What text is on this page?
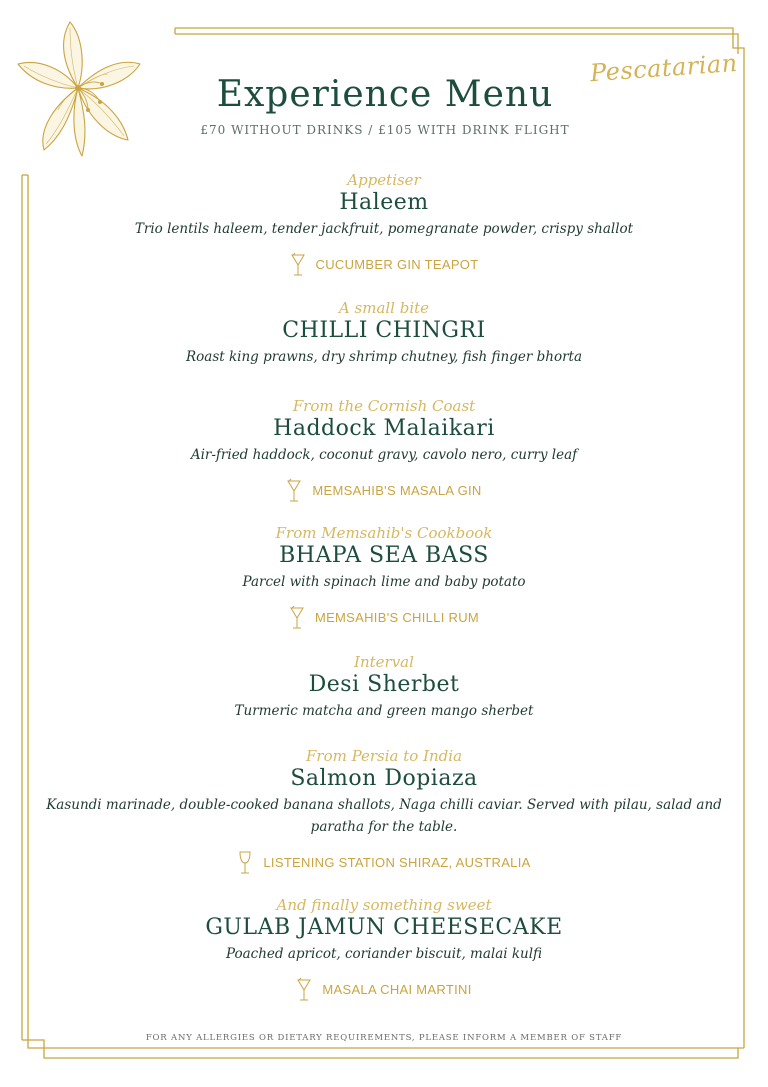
Pescatarian
Experience Menu
£70 WITHOUT DRINKS / £105 WITH DRINK FLIGHT
Appetiser
Haleem
Trio lentils haleem, tender jackfruit, pomegranate powder, crispy shallot
CUCUMBER GIN TEAPOT
A small bite
CHILLI CHINGRI
Roast king prawns, dry shrimp chutney, fish finger bhorta
From the Cornish Coast
Haddock Malaikari
Air-fried haddock, coconut gravy, cavolo nero, curry leaf
MEMSAHIB'S MASALA GIN
From Memsahib's Cookbook
BHAPA SEA BASS
Parcel with spinach lime and baby potato
MEMSAHIB'S CHILLI RUM
Interval
Desi Sherbet
Turmeric matcha and green mango sherbet
From Persia to India
Salmon Dopiaza
Kasundi marinade, double-cooked banana shallots, Naga chilli caviar. Served with pilau, salad and paratha for the table.
LISTENING STATION SHIRAZ, AUSTRALIA
And finally something sweet
GULAB JAMUN CHEESECAKE
Poached apricot, coriander biscuit, malai kulfi
MASALA CHAI MARTINI
FOR ANY ALLERGIES OR DIETARY REQUIREMENTS, PLEASE INFORM A MEMBER OF STAFF
